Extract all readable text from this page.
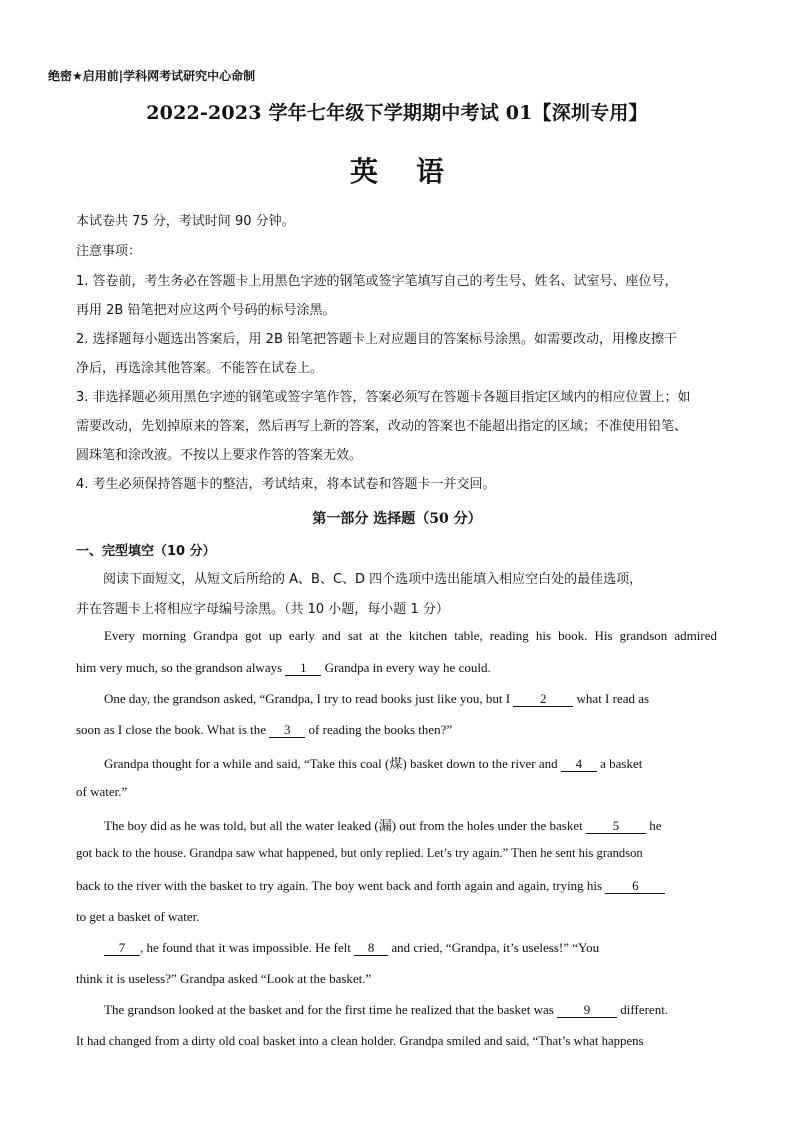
绝密★启用前|学科网考试研究中心命制
2022-2023 学年七年级下学期期中考试 01【深圳专用】
英语
本试卷共 75 分，考试时间 90 分钟。
注意事项：
1. 答卷前，考生务必在答题卡上用黑色字迹的钢笔或签字笔填写自己的考生号、姓名、试室号、座位号，
再用 2B 铅笔把对应这两个号码的标号涂黑。
2. 选择题每小题选出答案后，用 2B 铅笔把答题卡上对应题目的答案标号涂黑。如需要改动，用橡皮擦干
净后，再选涂其他答案。不能答在试卷上。
3. 非选择题必须用黑色字迹的钢笔或签字笔作答，答案必须写在答题卡各题目指定区域内的相应位置上；如
需要改动，先划掉原来的答案，然后再写上新的答案，改动的答案也不能超出指定的区域；不准使用铅笔、
圆珠笔和涂改液。不按以上要求作答的答案无效。
4. 考生必须保持答题卡的整洁，考试结束，将本试卷和答题卡一并交回。
第一部分 选择题（50 分）
一、完型填空（10 分）
阅读下面短文，从短文后所给的 A、B、C、D 四个选项中选出能填入相应空白处的最佳选项，
并在答题卡上将相应字母编号涂黑。（共 10 小题，每小题 1 分）
Every morning Grandpa got up early and sat at the kitchen table, reading his book. His grandson admired
him very much, so the grandson always 1 Grandpa in every way he could.
One day, the grandson asked, “Grandpa, I try to read books just like you, but I 2 what I read as
soon as I close the book. What is the 3 of reading the books then?”
Grandpa thought for a while and said, “Take this coal (煤) basket down to the river and 4 a basket
of water.”
The boy did as he was told, but all the water leaked (漏) out from the holes under the basket 5 he
got back to the house. Grandpa saw what happened, but only replied. Let’s try again.” Then he sent his grandson
back to the river with the basket to try again. The boy went back and forth again and again, trying his 6
to get a basket of water.
7 , he found that it was impossible. He felt 8 and cried, “Grandpa, it’s useless!” “You
think it is useless?” Grandpa asked “Look at the basket.”
The grandson looked at the basket and for the first time he realized that the basket was 9 different.
It had changed from a dirty old coal basket into a clean holder. Grandpa smiled and said, “That’s what happens
